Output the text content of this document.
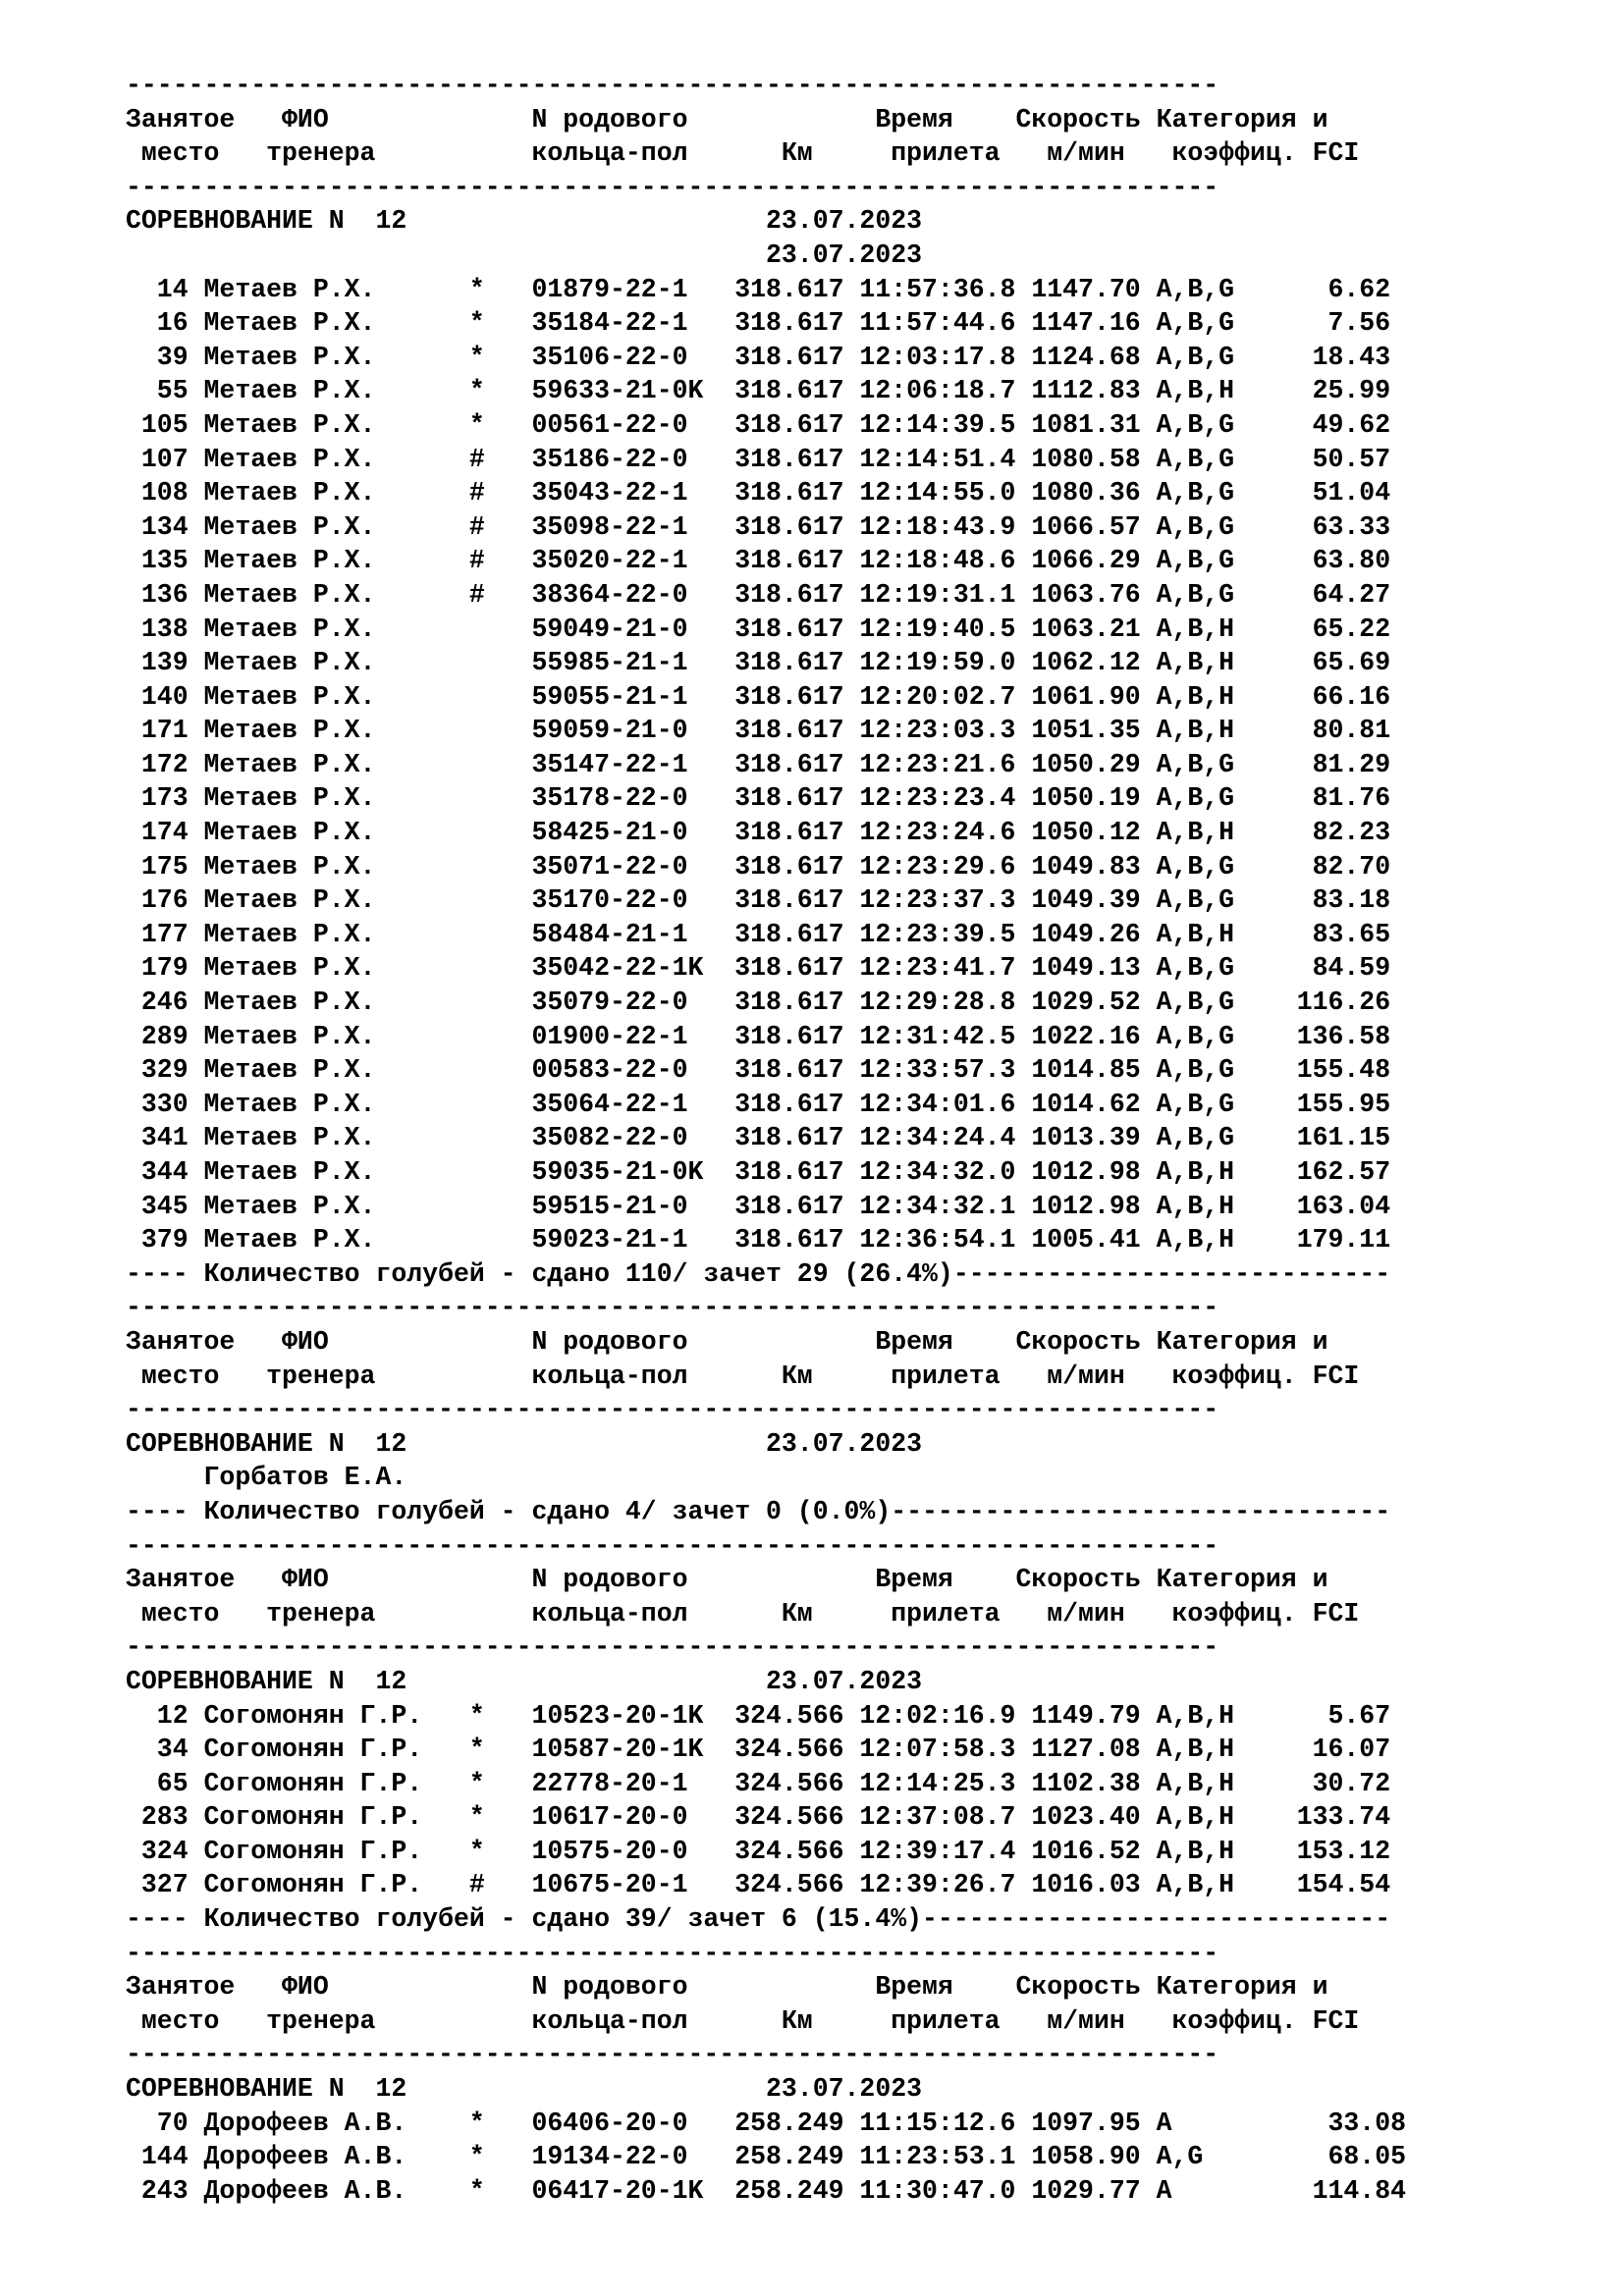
----------------------------------------------------------------------
Занятое   ФИО             N родового            Время    Скорость Категория и
место   тренера          кольца-пол      Км     прилета   м/мин   коэффиц. FCI
----------------------------------------------------------------------
СОРЕВНОВАНИЕ N  12                       23.07.2023
23.07.2023
14 Метаев Р.Х.      *   01879-22-1   318.617 11:57:36.8 1147.70 A,B,G      6.62
16 Метаев Р.Х.      *   35184-22-1   318.617 11:57:44.6 1147.16 A,B,G      7.56
39 Метаев Р.Х.      *   35106-22-0   318.617 12:03:17.8 1124.68 A,B,G     18.43
55 Метаев Р.Х.      *   59633-21-0K  318.617 12:06:18.7 1112.83 A,B,H     25.99
105 Метаев Р.Х.      *   00561-22-0   318.617 12:14:39.5 1081.31 A,B,G     49.62
107 Метаев Р.Х.      #   35186-22-0   318.617 12:14:51.4 1080.58 A,B,G     50.57
108 Метаев Р.Х.      #   35043-22-1   318.617 12:14:55.0 1080.36 A,B,G     51.04
134 Метаев Р.Х.      #   35098-22-1   318.617 12:18:43.9 1066.57 A,B,G     63.33
135 Метаев Р.Х.      #   35020-22-1   318.617 12:18:48.6 1066.29 A,B,G     63.80
136 Метаев Р.Х.      #   38364-22-0   318.617 12:19:31.1 1063.76 A,B,G     64.27
138 Метаев Р.Х.          59049-21-0   318.617 12:19:40.5 1063.21 A,B,H     65.22
139 Метаев Р.Х.          55985-21-1   318.617 12:19:59.0 1062.12 A,B,H     65.69
140 Метаев Р.Х.          59055-21-1   318.617 12:20:02.7 1061.90 A,B,H     66.16
171 Метаев Р.Х.          59059-21-0   318.617 12:23:03.3 1051.35 A,B,H     80.81
172 Метаев Р.Х.          35147-22-1   318.617 12:23:21.6 1050.29 A,B,G     81.29
173 Метаев Р.Х.          35178-22-0   318.617 12:23:23.4 1050.19 A,B,G     81.76
174 Метаев Р.Х.          58425-21-0   318.617 12:23:24.6 1050.12 A,B,H     82.23
175 Метаев Р.Х.          35071-22-0   318.617 12:23:29.6 1049.83 A,B,G     82.70
176 Метаев Р.Х.          35170-22-0   318.617 12:23:37.3 1049.39 A,B,G     83.18
177 Метаев Р.Х.          58484-21-1   318.617 12:23:39.5 1049.26 A,B,H     83.65
179 Метаев Р.Х.          35042-22-1K  318.617 12:23:41.7 1049.13 A,B,G     84.59
246 Метаев Р.Х.          35079-22-0   318.617 12:29:28.8 1029.52 A,B,G    116.26
289 Метаев Р.Х.          01900-22-1   318.617 12:31:42.5 1022.16 A,B,G    136.58
329 Метаев Р.Х.          00583-22-0   318.617 12:33:57.3 1014.85 A,B,G    155.48
330 Метаев Р.Х.          35064-22-1   318.617 12:34:01.6 1014.62 A,B,G    155.95
341 Метаев Р.Х.          35082-22-0   318.617 12:34:24.4 1013.39 A,B,G    161.15
344 Метаев Р.Х.          59035-21-0K  318.617 12:34:32.0 1012.98 A,B,H    162.57
345 Метаев Р.Х.          59515-21-0   318.617 12:34:32.1 1012.98 A,B,H    163.04
379 Метаев Р.Х.          59023-21-1   318.617 12:36:54.1 1005.41 A,B,H    179.11
---- Количество голубей - сдано 110/ зачет 29 (26.4%)----------------------------
----------------------------------------------------------------------
Занятое   ФИО             N родового            Время    Скорость Категория и
место   тренера          кольца-пол      Км     прилета   м/мин   коэффиц. FCI
----------------------------------------------------------------------
СОРЕВНОВАНИЕ N  12                       23.07.2023
Горбатов Е.А.
---- Количество голубей - сдано 4/ зачет 0 (0.0%)--------------------------------
----------------------------------------------------------------------
Занятое   ФИО             N родового            Время    Скорость Категория и
место   тренера          кольца-пол      Км     прилета   м/мин   коэффиц. FCI
----------------------------------------------------------------------
СОРЕВНОВАНИЕ N  12                       23.07.2023
12 Согомонян Г.Р.   *   10523-20-1K  324.566 12:02:16.9 1149.79 A,B,H      5.67
34 Согомонян Г.Р.   *   10587-20-1K  324.566 12:07:58.3 1127.08 A,B,H     16.07
65 Согомонян Г.Р.   *   22778-20-1   324.566 12:14:25.3 1102.38 A,B,H     30.72
283 Согомонян Г.Р.   *   10617-20-0   324.566 12:37:08.7 1023.40 A,B,H    133.74
324 Согомонян Г.Р.   *   10575-20-0   324.566 12:39:17.4 1016.52 A,B,H    153.12
327 Согомонян Г.Р.   #   10675-20-1   324.566 12:39:26.7 1016.03 A,B,H    154.54
---- Количество голубей - сдано 39/ зачет 6 (15.4%)------------------------------
----------------------------------------------------------------------
Занятое   ФИО             N родового            Время    Скорость Категория и
место   тренера          кольца-пол      Км     прилета   м/мин   коэффиц. FCI
----------------------------------------------------------------------
СОРЕВНОВАНИЕ N  12                       23.07.2023
70 Дорофеев А.В.    *   06406-20-0   258.249 11:15:12.6 1097.95 A          33.08
144 Дорофеев А.В.    *   19134-22-0   258.249 11:23:53.1 1058.90 A,G        68.05
243 Дорофеев А.В.    *   06417-20-1K  258.249 11:30:47.0 1029.77 A         114.84
